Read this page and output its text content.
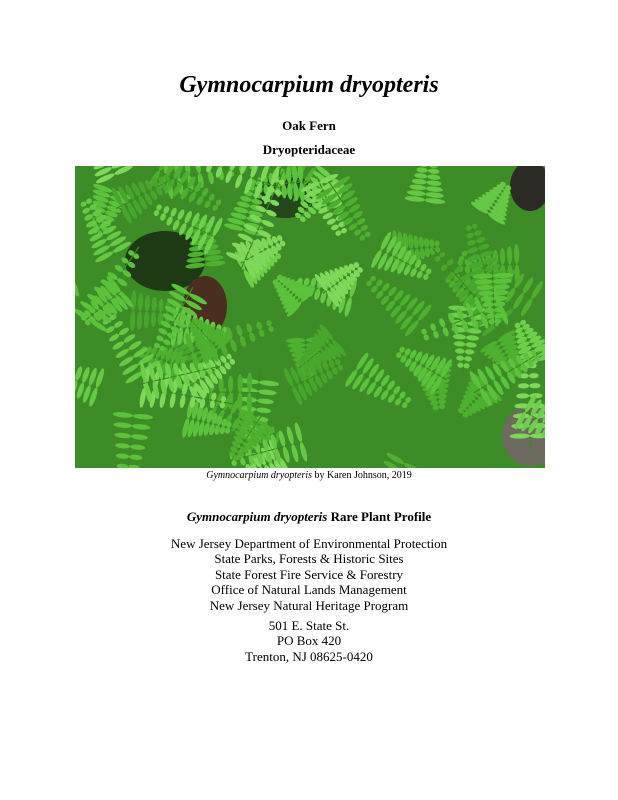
Gymnocarpium dryopteris
Oak Fern
Dryopteridaceae
Gymnocarpium dryopteris by Karen Johnson, 2019
Gymnocarpium dryopteris Rare Plant Profile
New Jersey Department of Environmental Protection
State Parks, Forests & Historic Sites
State Forest Fire Service & Forestry
Office of Natural Lands Management
New Jersey Natural Heritage Program
501 E. State St.
PO Box 420
Trenton, NJ 08625-0420
